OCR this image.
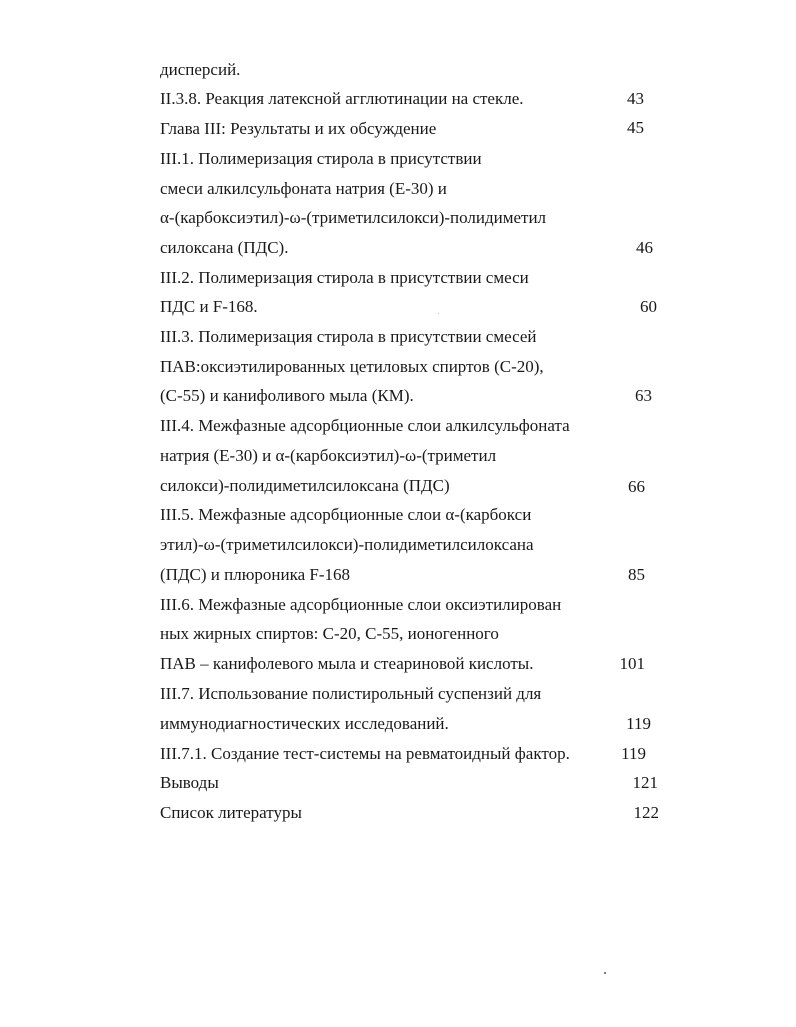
дисперсий.
II.3.8. Реакция латексной агглютинации на стекле.	43
Глава III: Результаты и их обсуждение	45
III.1. Полимеризация стирола в присутствии
смеси алкилсульфоната натрия (Е-30) и
α-(карбоксиэтил)-ω-(триметилсилокси)-полидиметил
силоксана (ПДС).	46
III.2. Полимеризация стирола в присутствии смеси
ПДС и F-168.	60
III.3. Полимеризация стирола в присутствии смесей
ПАВ:оксиэтилированных цетиловых спиртов (С-20),
(С-55) и канифоливого мыла (КМ).	63
III.4. Межфазные адсорбционные слои алкилсульфоната
натрия (Е-30) и α-(карбоксиэтил)-ω-(триметил
силокси)-полидиметилсилоксана (ПДС)	66
III.5. Межфазные адсорбционные слои α-(карбокси
этил)-ω-(триметилсилокси)-полидиметилсилоксана
(ПДС) и плюроника F-168	85
III.6. Межфазные адсорбционные слои оксиэтилирован
ных жирных спиртов: С-20, С-55, ионогенного
ПАВ – канифолевого мыла и стеариновой кислоты.	101
III.7. Использование полистирольный суспензий для
иммунодиагностических исследований.	119
III.7.1. Создание тест-системы на ревматоидный фактор.	119
Выводы	121
Список литературы	122
